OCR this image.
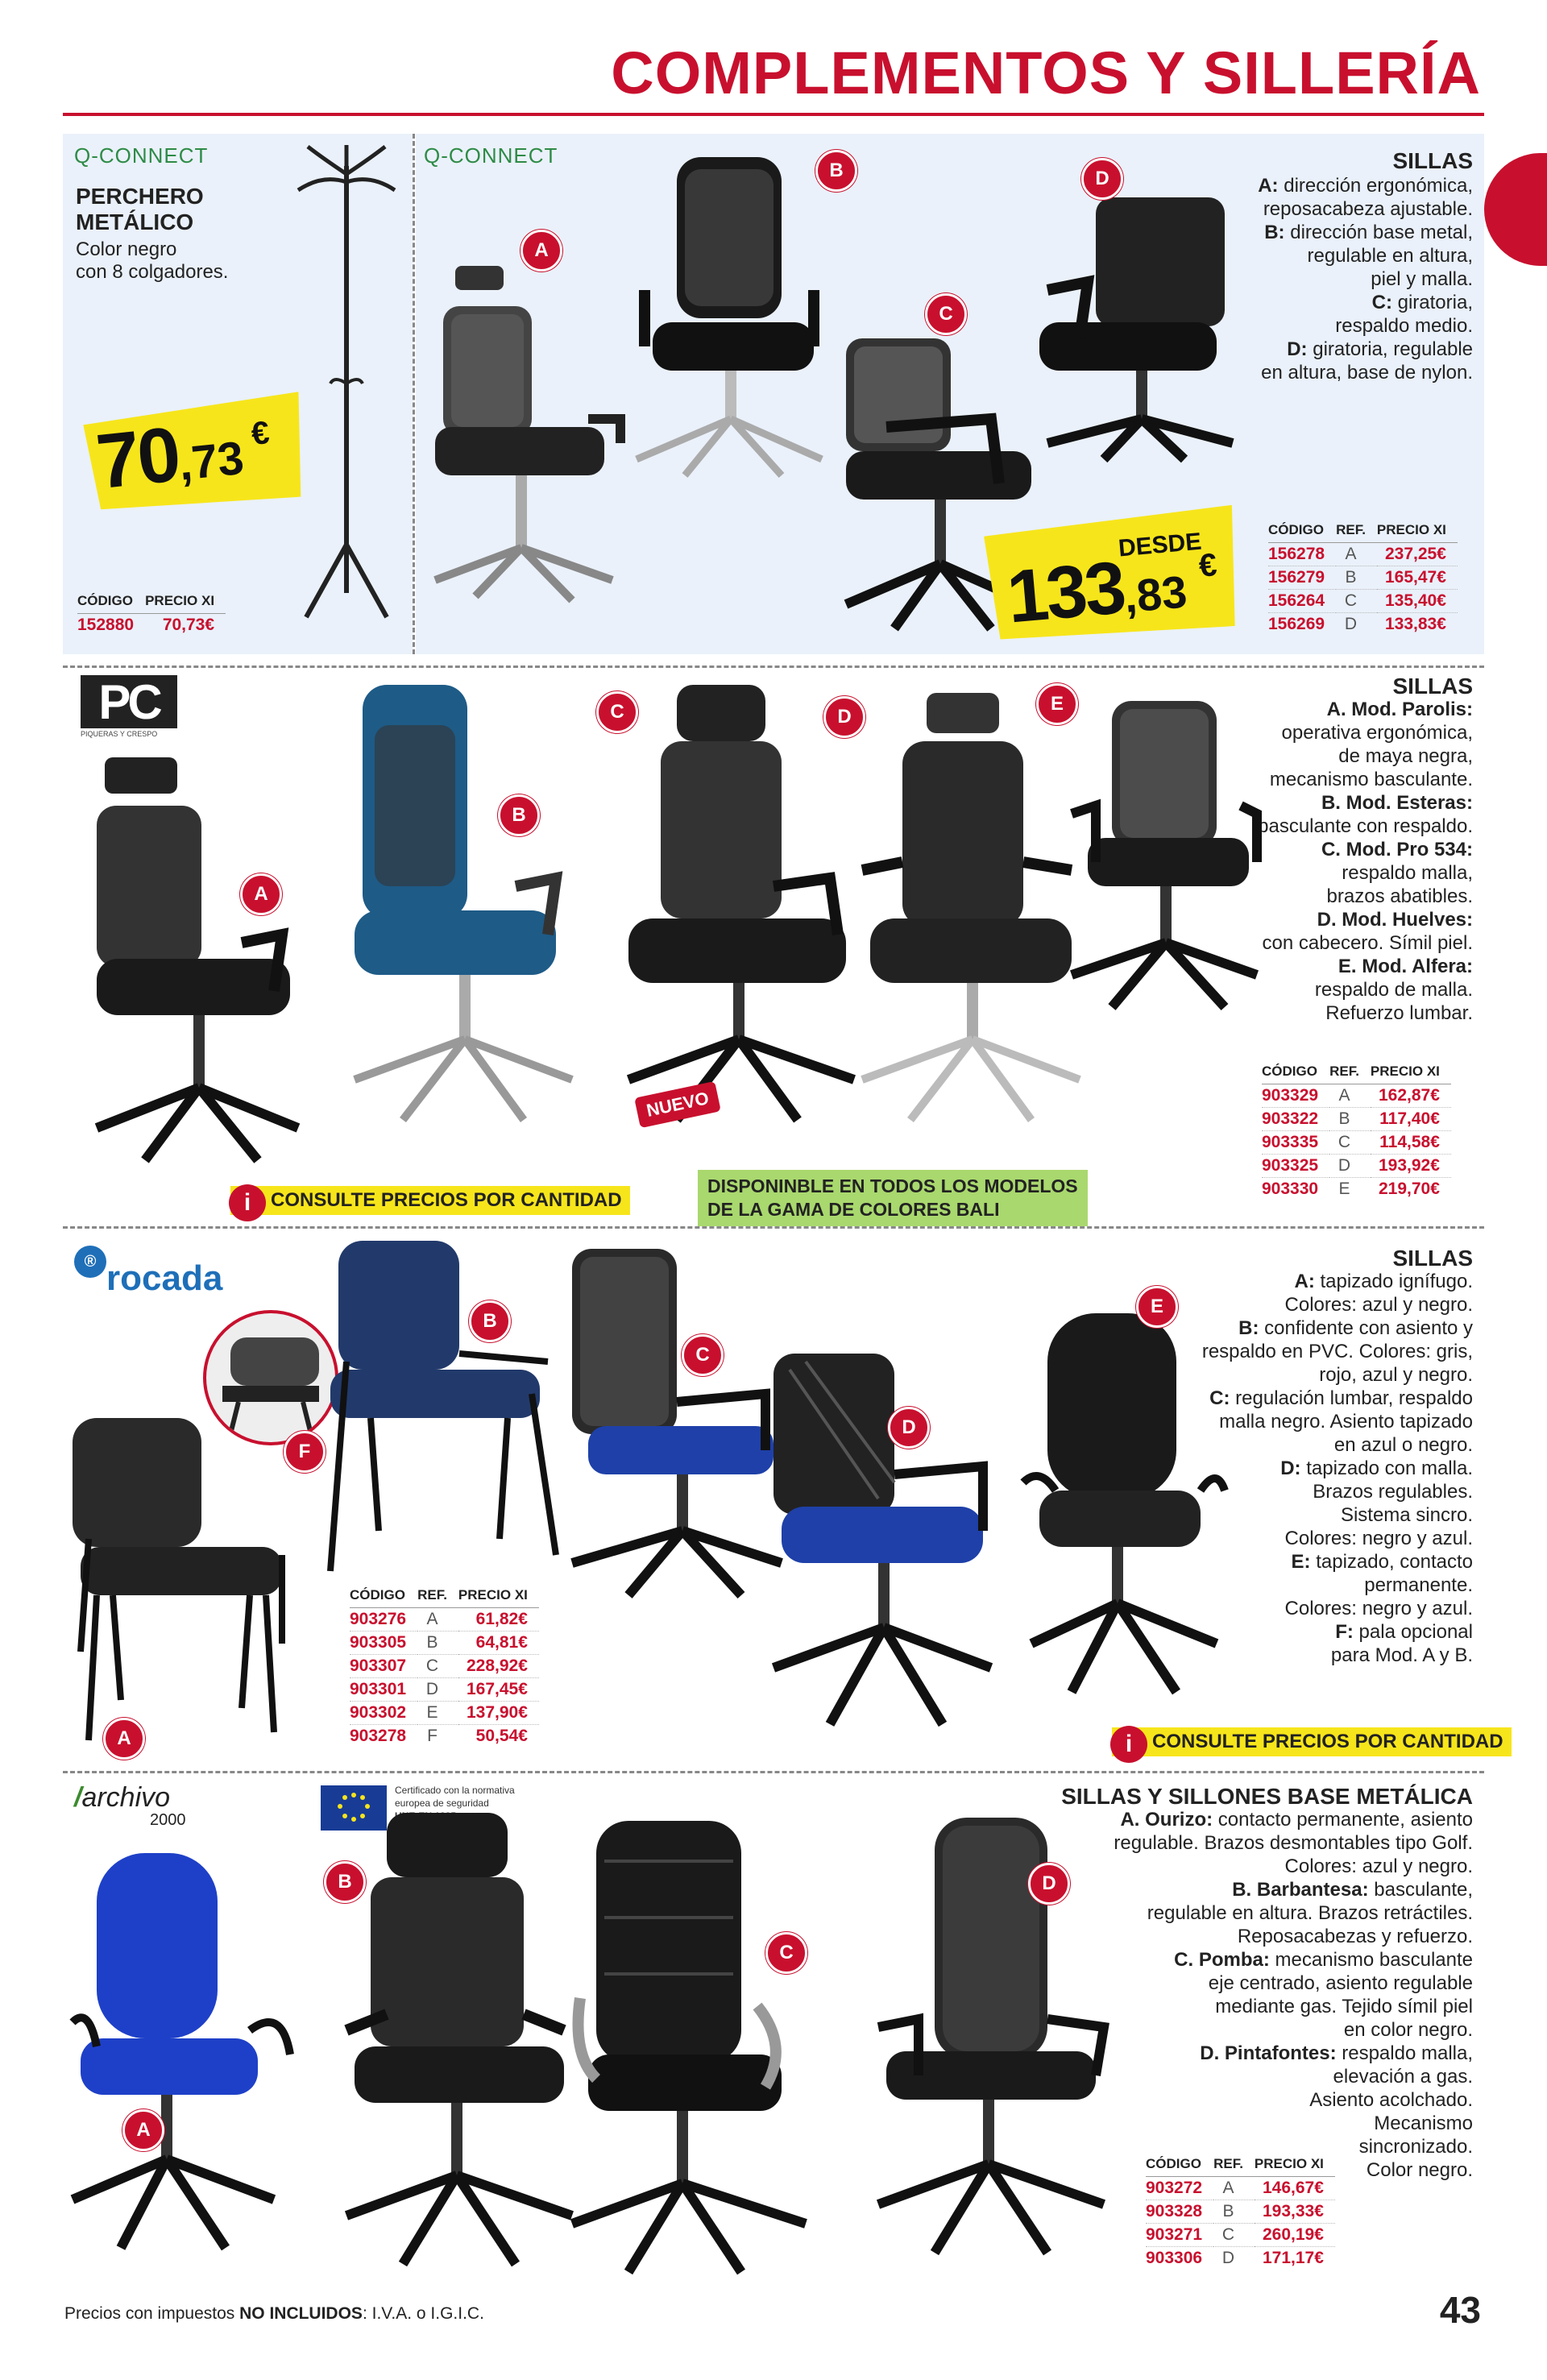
COMPLEMENTOS Y SILLERÍA
Q-CONNECT
PERCHERO
METÁLICO
Color negro
con 8 colgadores.
70,73 €
CÓDIGO	PRECIO XI
152880	70,73€
Q-CONNECT	SILLAS
A: dirección ergonómica,
reposacabeza ajustable.
B: dirección base metal,
regulable en altura,
piel y malla.
C: giratoria,
respaldo medio.
D: giratoria, regulable
en altura, base de nylon.
A
B
C
D
DESDE
133,83
€
CÓDIGO	REF.	PRECIO XI
156278	A	237,25€
156279	B	165,47€
156264	C	135,40€
156269	D	133,83€
PC
PIQUERAS Y CRESPO
SILLAS
A. Mod. Parolis:
operativa ergonómica,
de maya negra,
mecanismo basculante.
B. Mod. Esteras:
basculante con respaldo.
C. Mod. Pro 534:
respaldo malla,
brazos abatibles.
D. Mod. Huelves:
con cabecero. Símil piel.
E. Mod. Alfera:
respaldo de malla.
Refuerzo lumbar.
A
B
C
NUEVO
D
E
CÓDIGO	REF.	PRECIO XI
903329	A	162,87€
903322	B	117,40€
903335	C	114,58€
903325	D	193,92€
903330	E	219,70€
CONSULTE PRECIOS POR CANTIDAD
i
DISPONINBLE EN TODOS LOS MODELOS
DE LA GAMA DE COLORES BALI
® rocada
SILLAS
A: tapizado ignífugo.
Colores: azul y negro.
B: confidente con asiento y
respaldo en PVC. Colores: gris,
rojo, azul y negro.
C: regulación lumbar, respaldo
malla negro. Asiento tapizado
en azul o negro.
D: tapizado con malla.
Brazos regulables.
Sistema sincro.
Colores: negro y azul.
E: tapizado, contacto
permanente.
Colores: negro y azul.
F: pala opcional
para Mod. A y B.
F
A
B
C
D
E
CÓDIGO	REF.	PRECIO XI
903276	A	61,82€
903305	B	64,81€
903307	C	228,92€
903301	D	167,45€
903302	E	137,90€
903278	F	50,54€	CONSULTE PRECIOS POR CANTIDAD
i
/archivo
2000
Certificado con la normativa
europea de seguridad	SILLAS Y SILLONES BASE METÁLICA
A. Ourizo: contacto permanente, asiento
regulable. Brazos desmontables tipo Golf.
Colores: azul y negro.
B. Barbantesa: basculante,
regulable en altura. Brazos retráctiles.
Reposacabezas y refuerzo.
C. Pomba: mecanismo basculante
eje centrado, asiento regulable
mediante gas. Tejido símil piel
en color negro.
D. Pintafontes: respaldo malla,
elevación a gas.
Asiento acolchado.
Mecanismo
sincronizado.
Color negro.
A
B
C
D
CÓDIGO	REF.	PRECIO XI
903272	A	146,67€
903328	B	193,33€
903271	C	260,19€
903306	D	171,17€
Precios con impuestos NO INCLUIDOS: I.V.A. o I.G.I.C.	43
